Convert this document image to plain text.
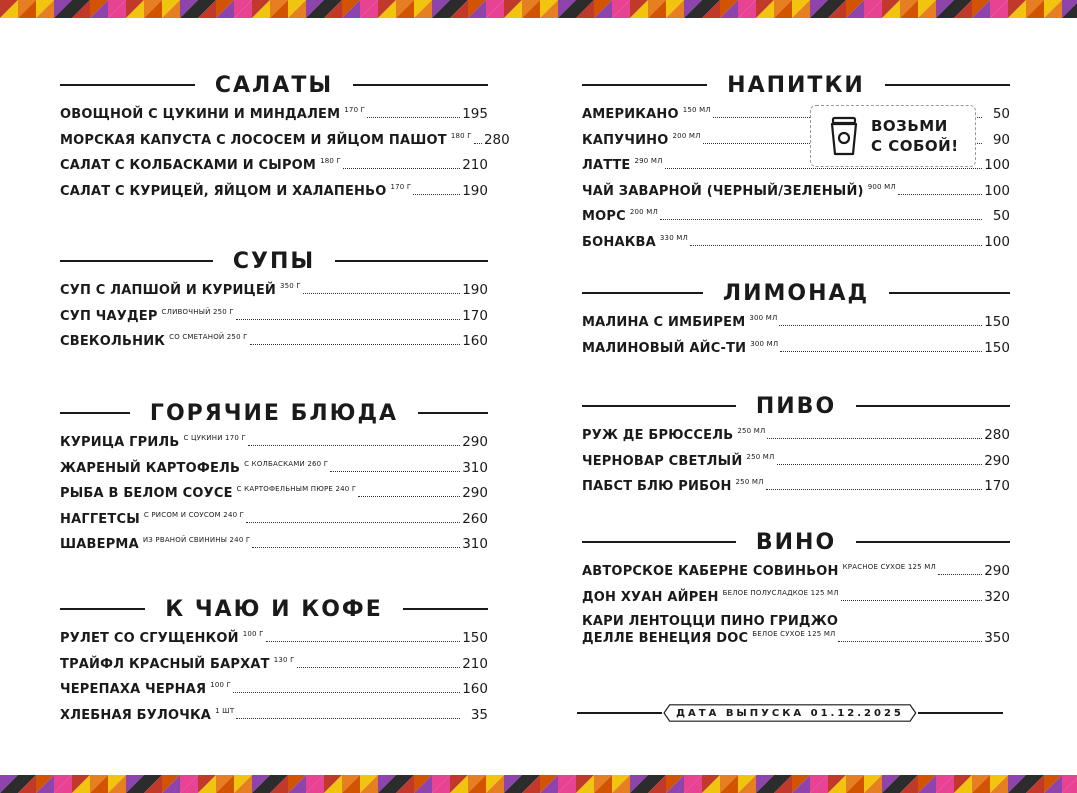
САЛАТЫ
ОВОЩНОЙ С ЦУКИНИ И МИНДАЛЕМ 170 Г	195
МОРСКАЯ КАПУСТА С ЛОСОСЕМ И ЯЙЦОМ ПАШОТ 180 Г 280
САЛАТ С КОЛБАСКАМИ И СЫРОМ 180 Г	210
САЛАТ С КУРИЦЕЙ, ЯЙЦОМ И ХАЛАПЕНЬО 170 Г	190
СУПЫ
СУП С ЛАПШОЙ И КУРИЦЕЙ 350 Г	190
СУП ЧАУДЕР СЛИВОЧНЫЙ 250 Г	170
СВЕКОЛЬНИК СО СМЕТАНОЙ 250 Г	160
ГОРЯЧИЕ БЛЮДА
КУРИЦА ГРИЛЬ С ЦУКИНИ 170 Г	290
ЖАРЕНЫЙ КАРТОФЕЛЬ С КОЛБАСКАМИ 260 Г	310
РЫБА В БЕЛОМ СОУСЕ С КАРТОФЕЛЬНЫМ ПЮРЕ 240 Г	290
НАГГЕТСЫ С РИСОМ И СОУСОМ 240 Г	260
ШАВЕРМА ИЗ РВАНОЙ СВИНИНЫ 240 Г	310
К ЧАЮ И КОФЕ
РУЛЕТ СО СГУЩЕНКОЙ 100 Г	150
ТРАЙФЛ КРАСНЫЙ БАРХАТ 130 Г	210
ЧЕРЕПАХА ЧЕРНАЯ 100 Г	160
ХЛЕБНАЯ БУЛОЧКА 1 ШТ	35
НАПИТКИ
АМЕРИКАНО 150 МЛ	50
КАПУЧИНО 200 МЛ	90
ЛАТТЕ 290 МЛ	100
ЧАЙ ЗАВАРНОЙ (ЧЕРНЫЙ/ЗЕЛЕНЫЙ) 900 МЛ	100
МОРС 200 МЛ	50
БОНАКВА 330 МЛ	100
ЛИМОНАД
МАЛИНА С ИМБИРЕМ 300 МЛ	150
МАЛИНОВЫЙ АЙС-ТИ 300 МЛ	150
ПИВО
РУЖ ДЕ БРЮССЕЛЬ 250 МЛ	280
ЧЕРНОВАР СВЕТЛЫЙ 250 МЛ	290
ПАБСТ БЛЮ РИБОН 250 МЛ	170
ВИНО
АВТОРСКОЕ КАБЕРНЕ СОВИНЬОН КРАСНОЕ СУХОЕ 125 МЛ	290
ДОН ХУАН АЙРЕН БЕЛОЕ ПОЛУСЛАДКОЕ 125 МЛ	320
КАРИ ЛЕНТОЦЦИ ПИНО ГРИДЖО
ДЕЛЛЕ ВЕНЕЦИЯ DOC БЕЛОЕ СУХОЕ 125 МЛ	350
ВОЗЬМИ
С СОБОЙ!
ДАТА ВЫПУСКА 01.12.2025
